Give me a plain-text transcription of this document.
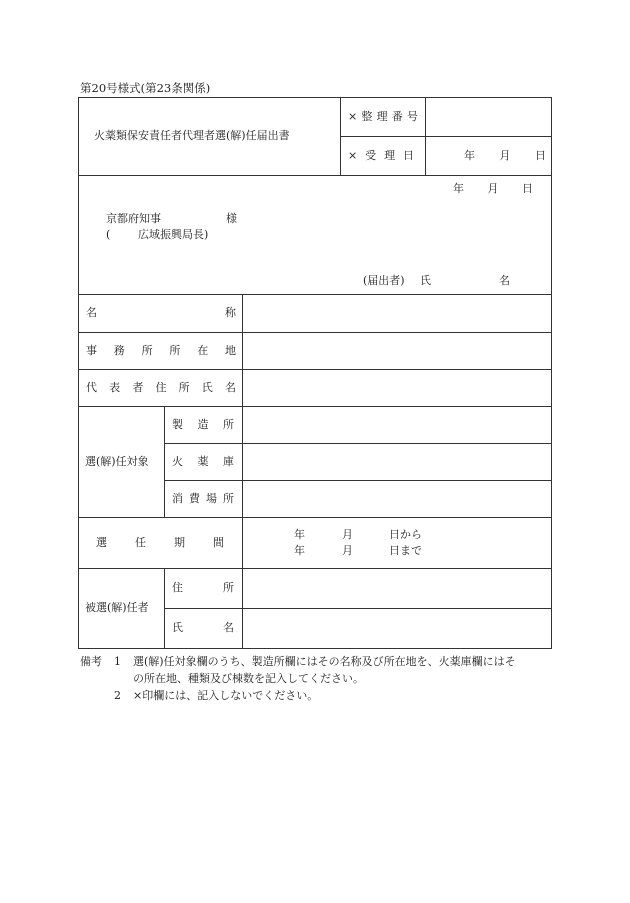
第20号様式(第23条関係)
火薬類保安責任者代理者選(解)任届出書
× 整 理 番 号
× 受 理 日	年 月 日
年 月 日
京都府知事	様
(	広域振興局長)
(届出者) 氏	名
名	称
事 務 所 所 在 地
代 表 者 住 所 氏 名
選(解)任対象
製 造 所
火 薬 庫
消 費 場 所
選	任	期	間
年	月	日から
年	月	日まで
被選(解)任者
住	所
氏	名
備考 1 選(解)任対象欄のうち、製造所欄にはその名称及び所在地を、火薬庫欄にはそ
の所在地、種類及び棟数を記入してください。
2 ×印欄には、記入しないでください。
